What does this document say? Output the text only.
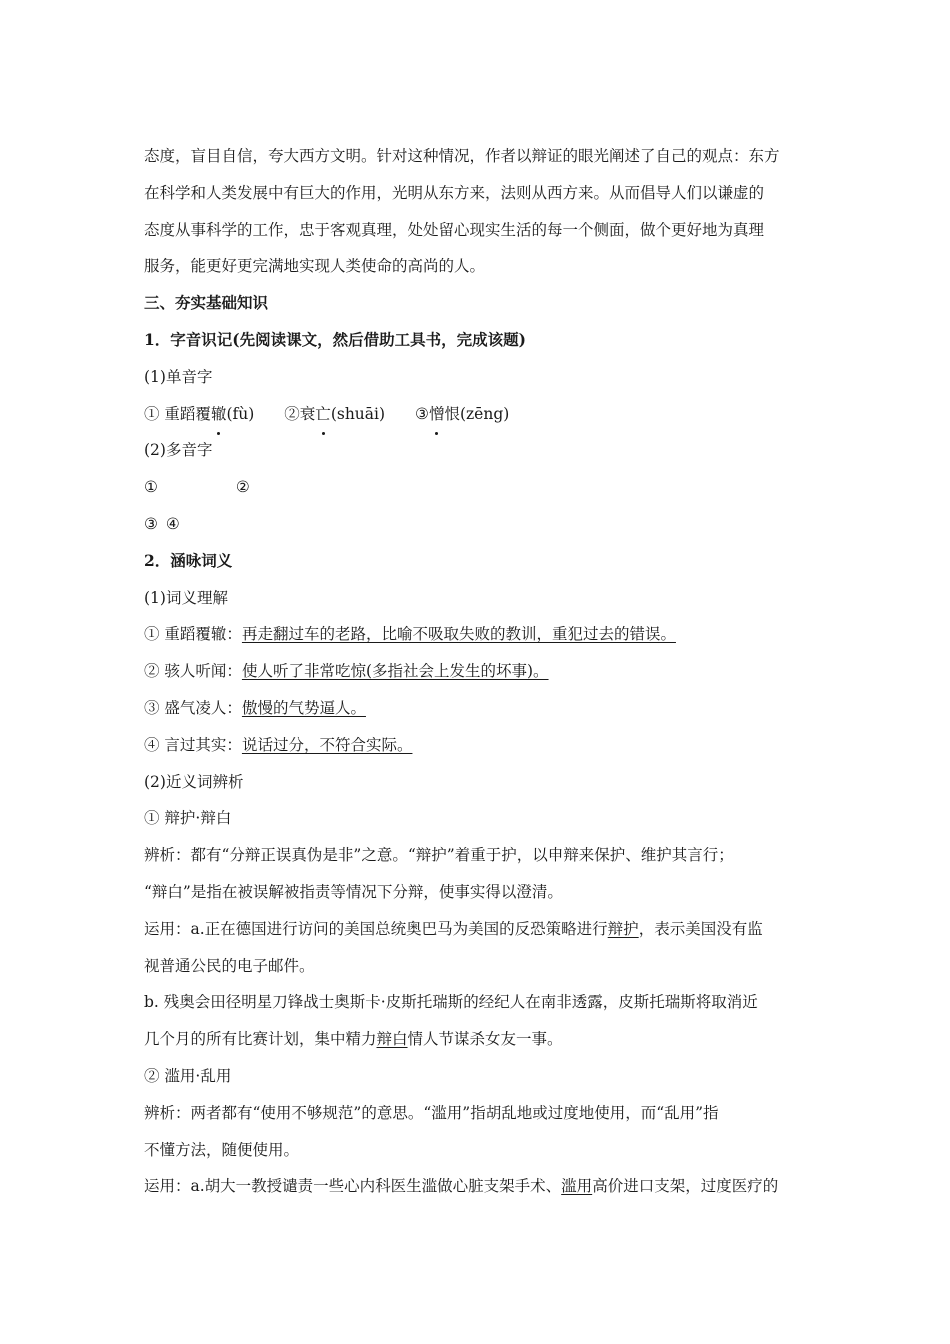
态度，盲目自信，夸大西方文明。针对这种情况，作者以辩证的眼光阐述了自己的观点：东方

在科学和人类发展中有巨大的作用，光明从东方来，法则从西方来。从而倡导人们以谦虚的

态度从事科学的工作，忠于客观真理，处处留心现实生活的每一个侧面，做个更好地为真理

服务，能更好更完满地实现人类使命的高尚的人。

三、夯实基础知识

1．字音识记(先阅读课文，然后借助工具书，完成该题)

(1)单音字

① 重蹈覆辙(fù) ②衰亡(shuāi) ③憎恨(zēng)

(2)多音字

①	②

③ ④

2．涵咏词义

(1)词义理解

① 重蹈覆辙：再走翻过车的老路，比喻不吸取失败的教训，重犯过去的错误。

② 骇人听闻：使人听了非常吃惊(多指社会上发生的坏事)。

③ 盛气凌人：傲慢的气势逼人。

④ 言过其实：说话过分，不符合实际。

(2)近义词辨析

① 辩护·辩白

辨析：都有“分辩正误真伪是非”之意。“辩护”着重于护，以申辩来保护、维护其言行；

“辩白”是指在被误解被指责等情况下分辩，使事实得以澄清。

运用：a.正在德国进行访问的美国总统奥巴马为美国的反恐策略进行辩护，表示美国没有监

视普通公民的电子邮件。

b. 残奥会田径明星刀锋战士奥斯卡·皮斯托瑞斯的经纪人在南非透露，皮斯托瑞斯将取消近

几个月的所有比赛计划，集中精力辩白情人节谋杀女友一事。

② 滥用·乱用

辨析：两者都有“使用不够规范”的意思。“滥用”指胡乱地或过度地使用，而“乱用”指

不懂方法，随便使用。

运用：a.胡大一教授谴责一些心内科医生滥做心脏支架手术、滥用高价进口支架，过度医疗的
